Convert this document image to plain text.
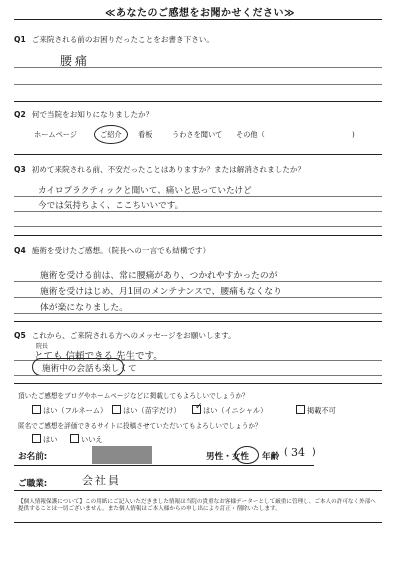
≪あなたのご感想をお聞かせください≫
Q1 ご来院される前のお困りだったことをお書き下さい。
腰痛
Q2 何で当院をお知りになりましたか？
ホームページ	ご紹介 看板	うわさを聞いて その他（	)
Q3 初めて来院される前、不安だったことはありますか？または解消されましたか？
カイロプラクティックと聞いて、痛いと思っていたけど
今では気持ちよく、ここちいいです。
Q4 施術を受けたご感想。（院長への一言でも結構です）
施術を受ける前は、常に腰痛があり、つかれやすかったのが
施術を受けはじめ、月1回のメンテナンスで、腰痛もなくなり
体が楽になりました。
Q5 これから、ご来院される方へのメッセージをお願いします。
院長
とても 信頼できる 先生です。
施術中の会話も楽しくて
頂いたご感想をブログやホームページなどに掲載してもよろしいでしょうか？
はい（フルネーム）	はい（苗字だけ）	はい（イニシャル）	掲載不可
匿名でご感想を評価できるサイトに投稿させていただいてもよろしいでしょうか？
はい	いいえ
お名前:	男性・女性 年齢 ( 34 )
ご職業:	会社員
【個人情報保護について】この用紙にご記入いただきました情報は当院の貴重なお客様データーとして厳重に管理し、ご本人の許可なく外部へ 提供することは一切ございません。また個人情報はご本人様からの申し出により訂正・削除いたします。
